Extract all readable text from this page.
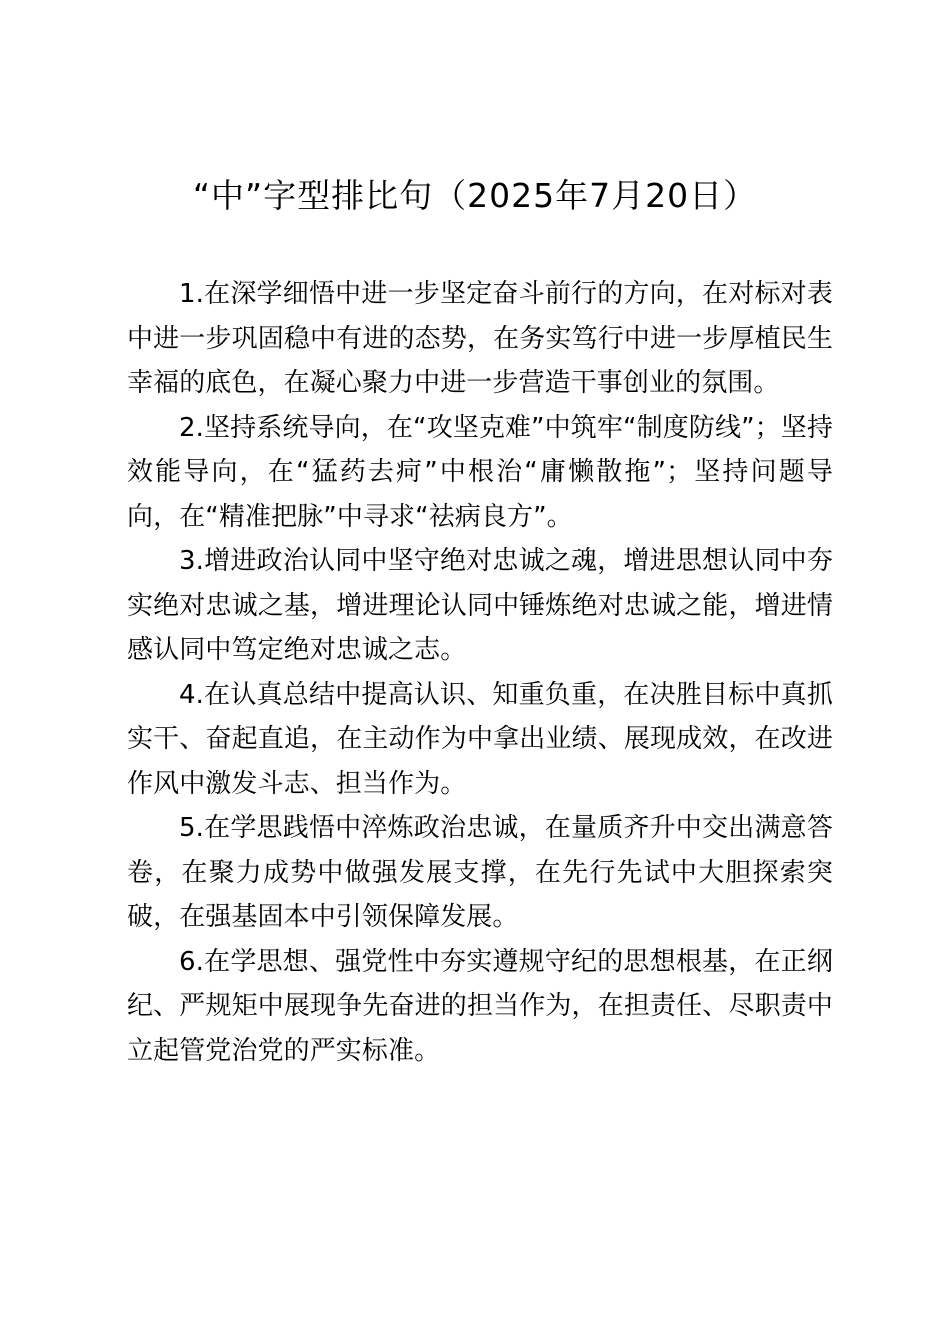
“中”字型排比句（2025年7月20日）

1.在深学细悟中进一步坚定奋斗前行的方向，在对标对表中进一步巩固稳中有进的态势，在务实笃行中进一步厚植民生幸福的底色，在凝心聚力中进一步营造干事创业的氛围。

2.坚持系统导向，在“攻坚克难”中筑牢“制度防线”；坚持效能导向，在“猛药去疴”中根治“庸懒散拖”；坚持问题导向，在“精准把脉”中寻求“祛病良方”。

3.增进政治认同中坚守绝对忠诚之魂，增进思想认同中夯实绝对忠诚之基，增进理论认同中锤炼绝对忠诚之能，增进情感认同中笃定绝对忠诚之志。

4.在认真总结中提高认识、知重负重，在决胜目标中真抓实干、奋起直追，在主动作为中拿出业绩、展现成效，在改进作风中激发斗志、担当作为。

5.在学思践悟中淬炼政治忠诚，在量质齐升中交出满意答卷，在聚力成势中做强发展支撑，在先行先试中大胆探索突破，在强基固本中引领保障发展。

6.在学思想、强党性中夯实遵规守纪的思想根基，在正纲纪、严规矩中展现争先奋进的担当作为，在担责任、尽职责中立起管党治党的严实标准。
